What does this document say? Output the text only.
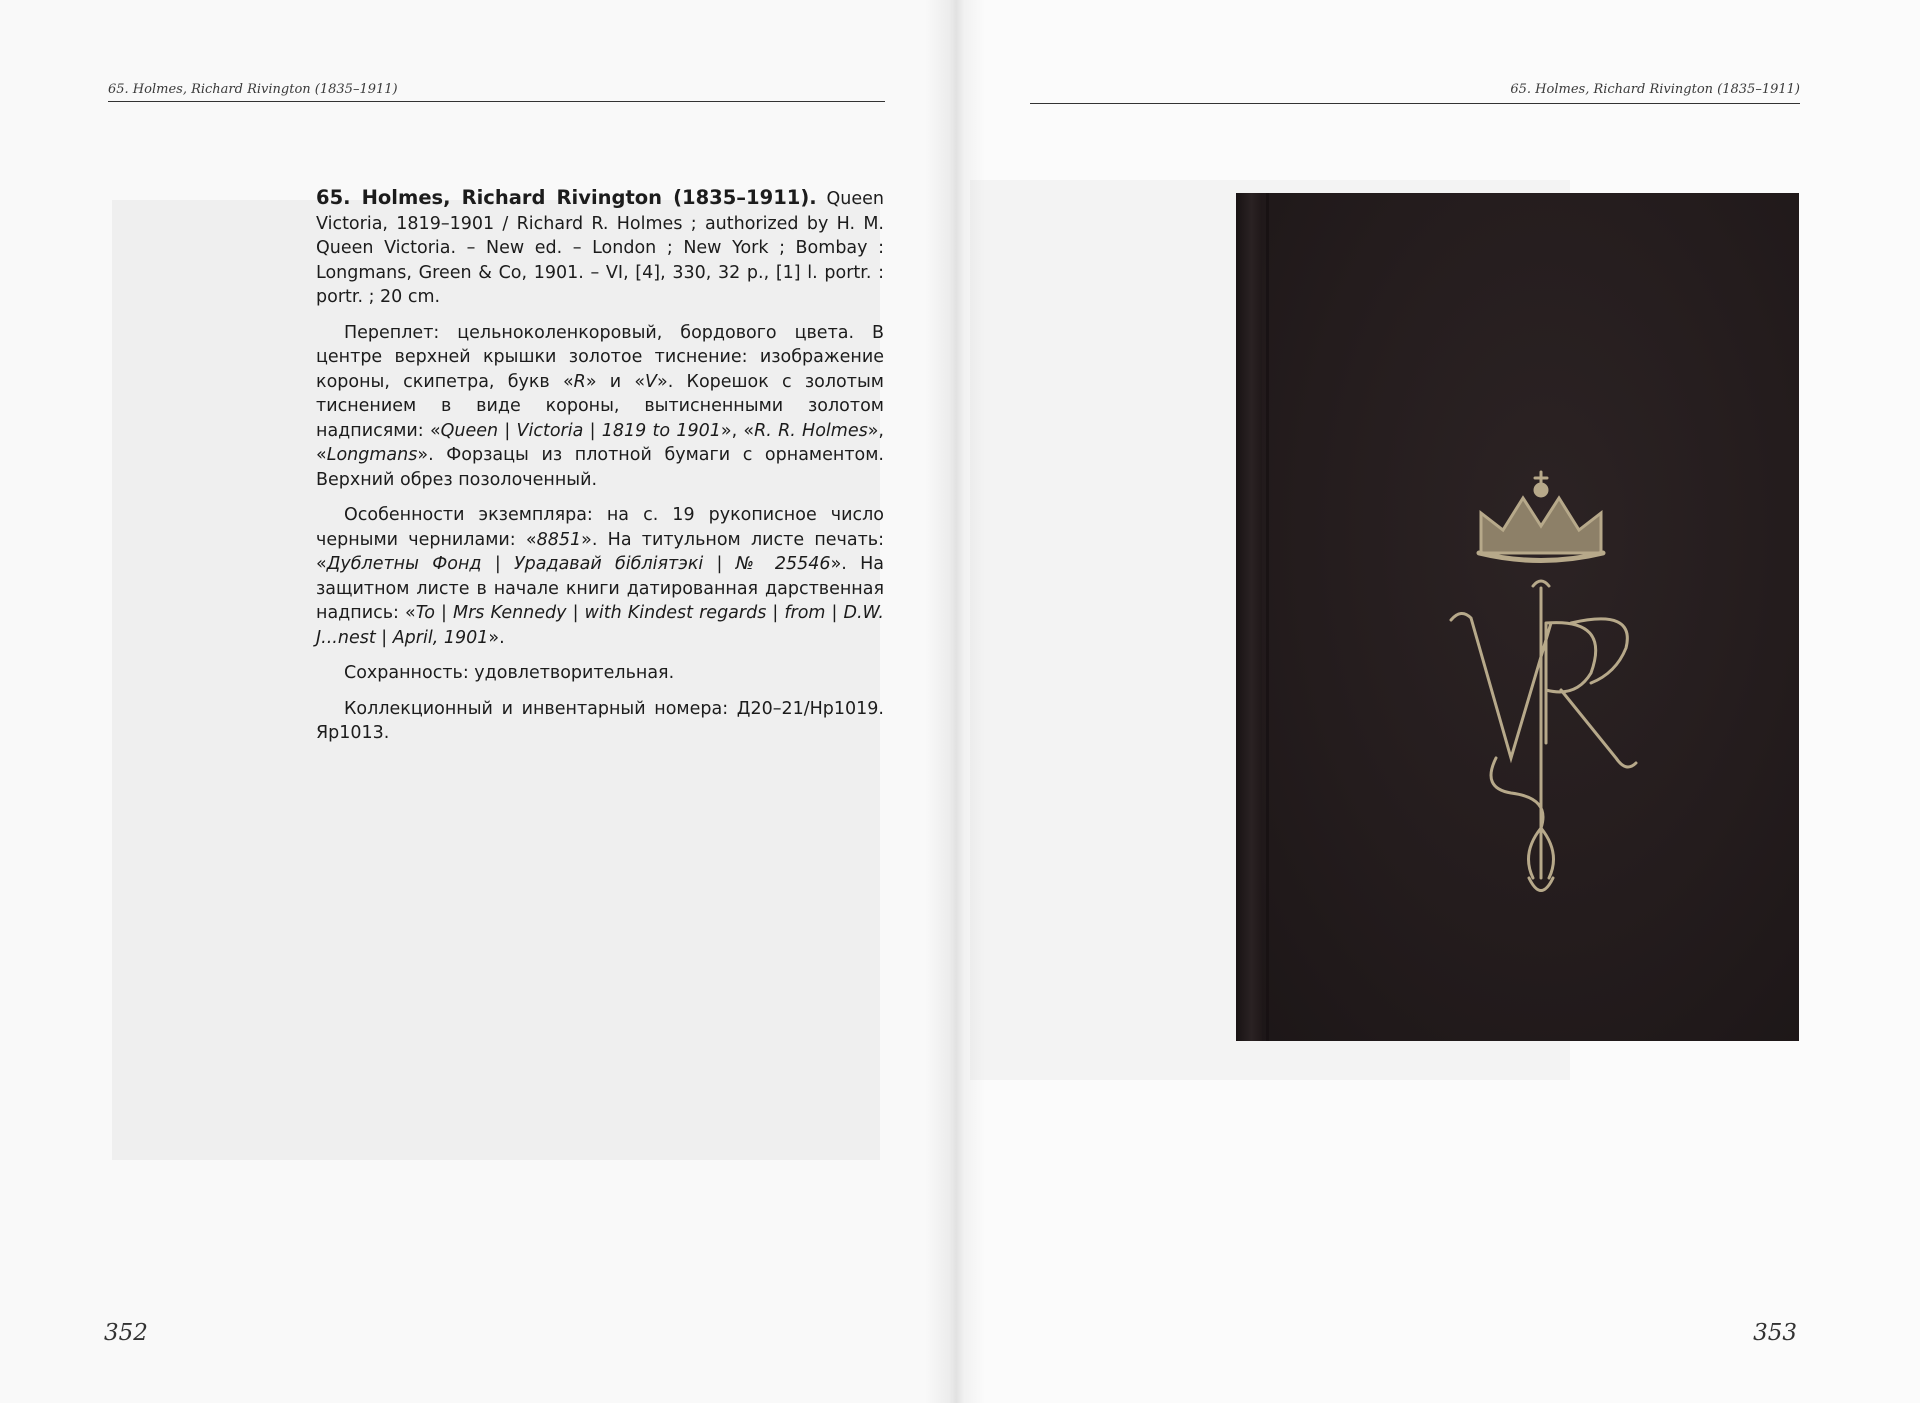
65. Holmes, Richard Rivington (1835–1911)

65. Holmes, Richard Rivington (1835–1911). Queen Victoria, 1819–1901 / Richard R. Holmes ; authorized by H. M. Queen Victoria. – New ed. – London ; New York ; Bombay : Longmans, Green & Co, 1901. – VI, [4], 330, 32 p., [1] l. portr. : portr. ; 20 cm.

Переплет: цельноколенкоровый, бордового цвета. В центре верхней крышки золотое тиснение: изображение короны, скипетра, букв «R» и «V». Корешок с золотым тиснением в виде короны, вытисненными золотом надписями: «Queen | Victoria | 1819 to 1901», «R. R. Holmes», «Longmans». Форзацы из плотной бумаги с орнаментом. Верхний обрез позолоченный.

Особенности экземпляра: на с. 19 рукописное число черными чернилами: «8851». На титульном листе печать: «Дублетны Фонд | Урадавай бібліятэкі | № 25546». На защитном листе в начале книги датированная дарственная надпись: «To | Mrs Kennedy | with Kindest regards | from | D.W. J...nest | April, 1901».

Сохранность: удовлетворительная.

Коллекционный и инвентарный номера: Д20–21/Нр1019. Яр1013.

352
65. Holmes, Richard Rivington (1835–1911)
353
